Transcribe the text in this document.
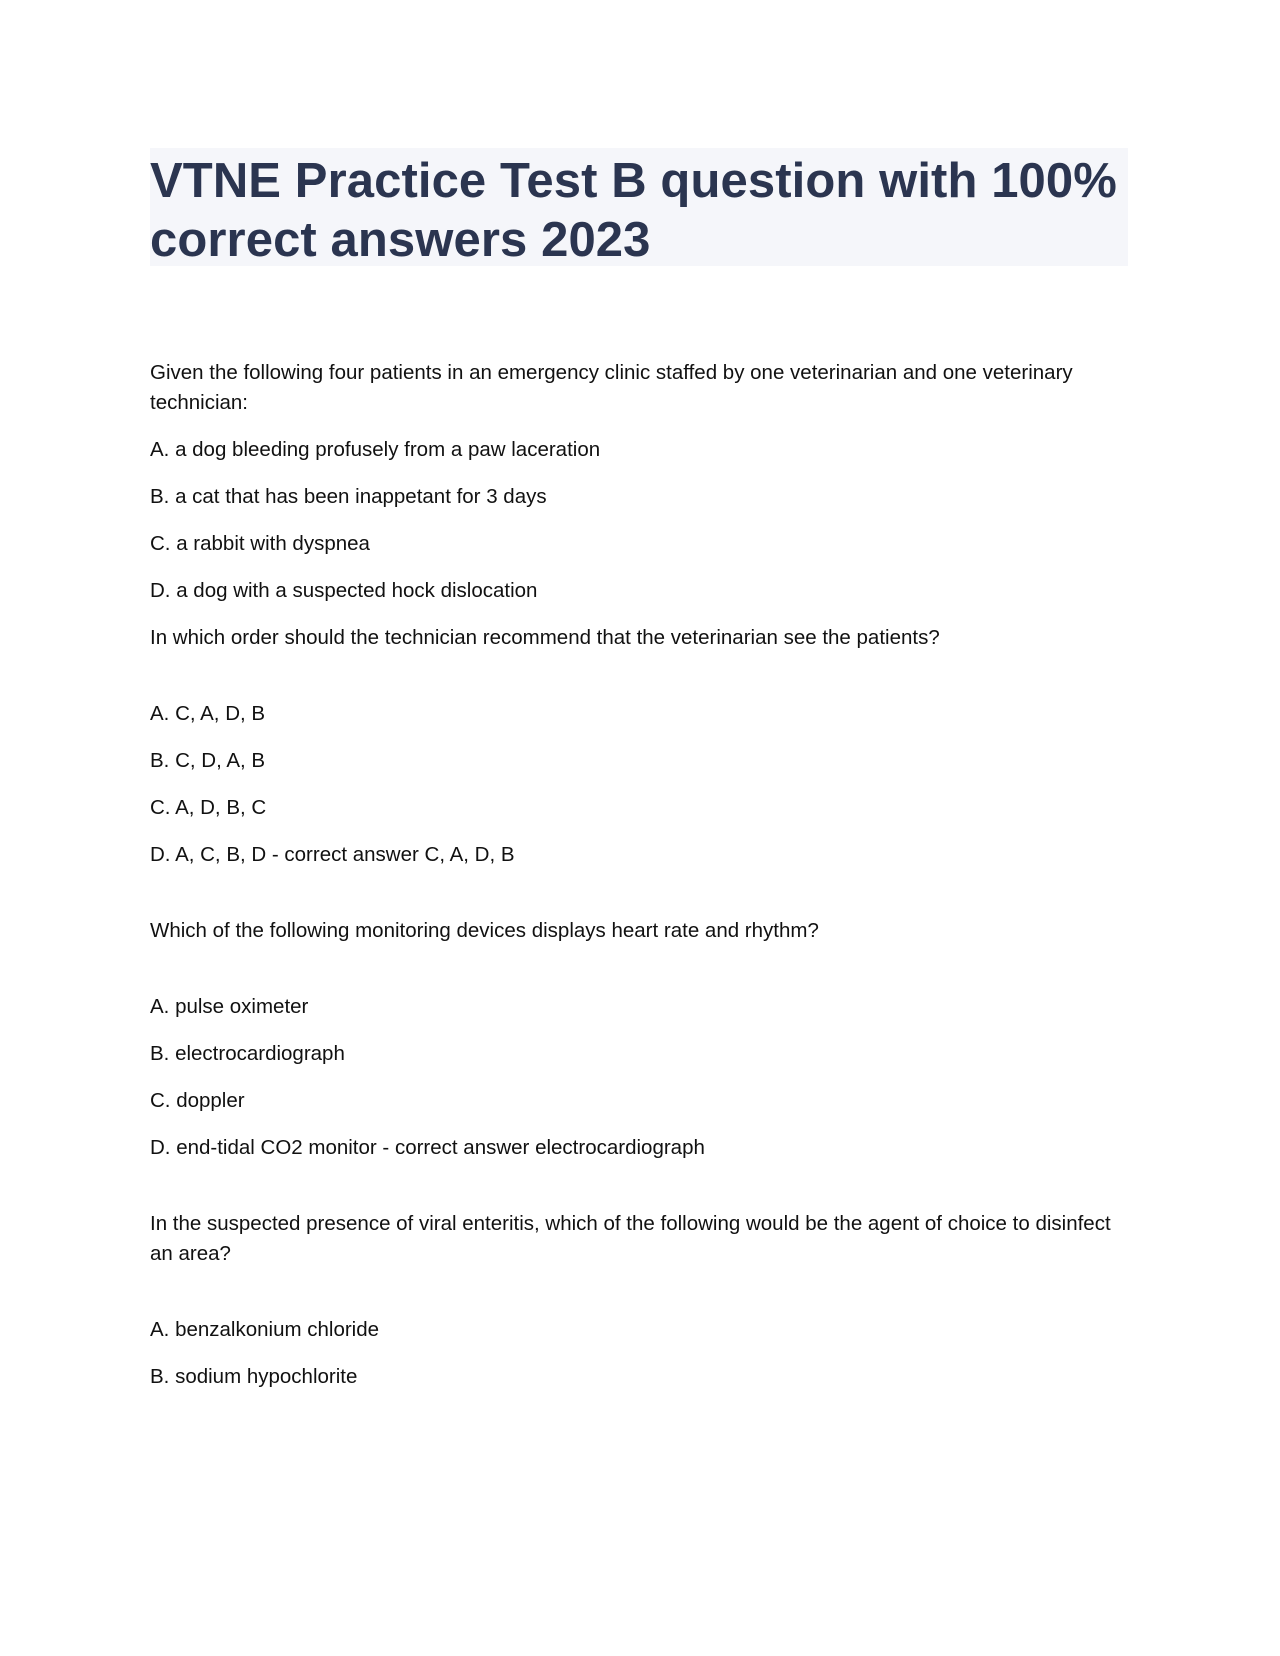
VTNE Practice Test B question with 100% correct answers 2023

Given the following four patients in an emergency clinic staffed by one veterinarian and one veterinary technician:

A. a dog bleeding profusely from a paw laceration

B. a cat that has been inappetant for 3 days

C. a rabbit with dyspnea

D. a dog with a suspected hock dislocation

In which order should the technician recommend that the veterinarian see the patients?

A. C, A, D, B

B. C, D, A, B

C. A, D, B, C

D. A, C, B, D - correct answer C, A, D, B

Which of the following monitoring devices displays heart rate and rhythm?

A. pulse oximeter

B. electrocardiograph

C. doppler

D. end-tidal CO2 monitor - correct answer electrocardiograph

In the suspected presence of viral enteritis, which of the following would be the agent of choice to disinfect an area?

A. benzalkonium chloride

B. sodium hypochlorite
